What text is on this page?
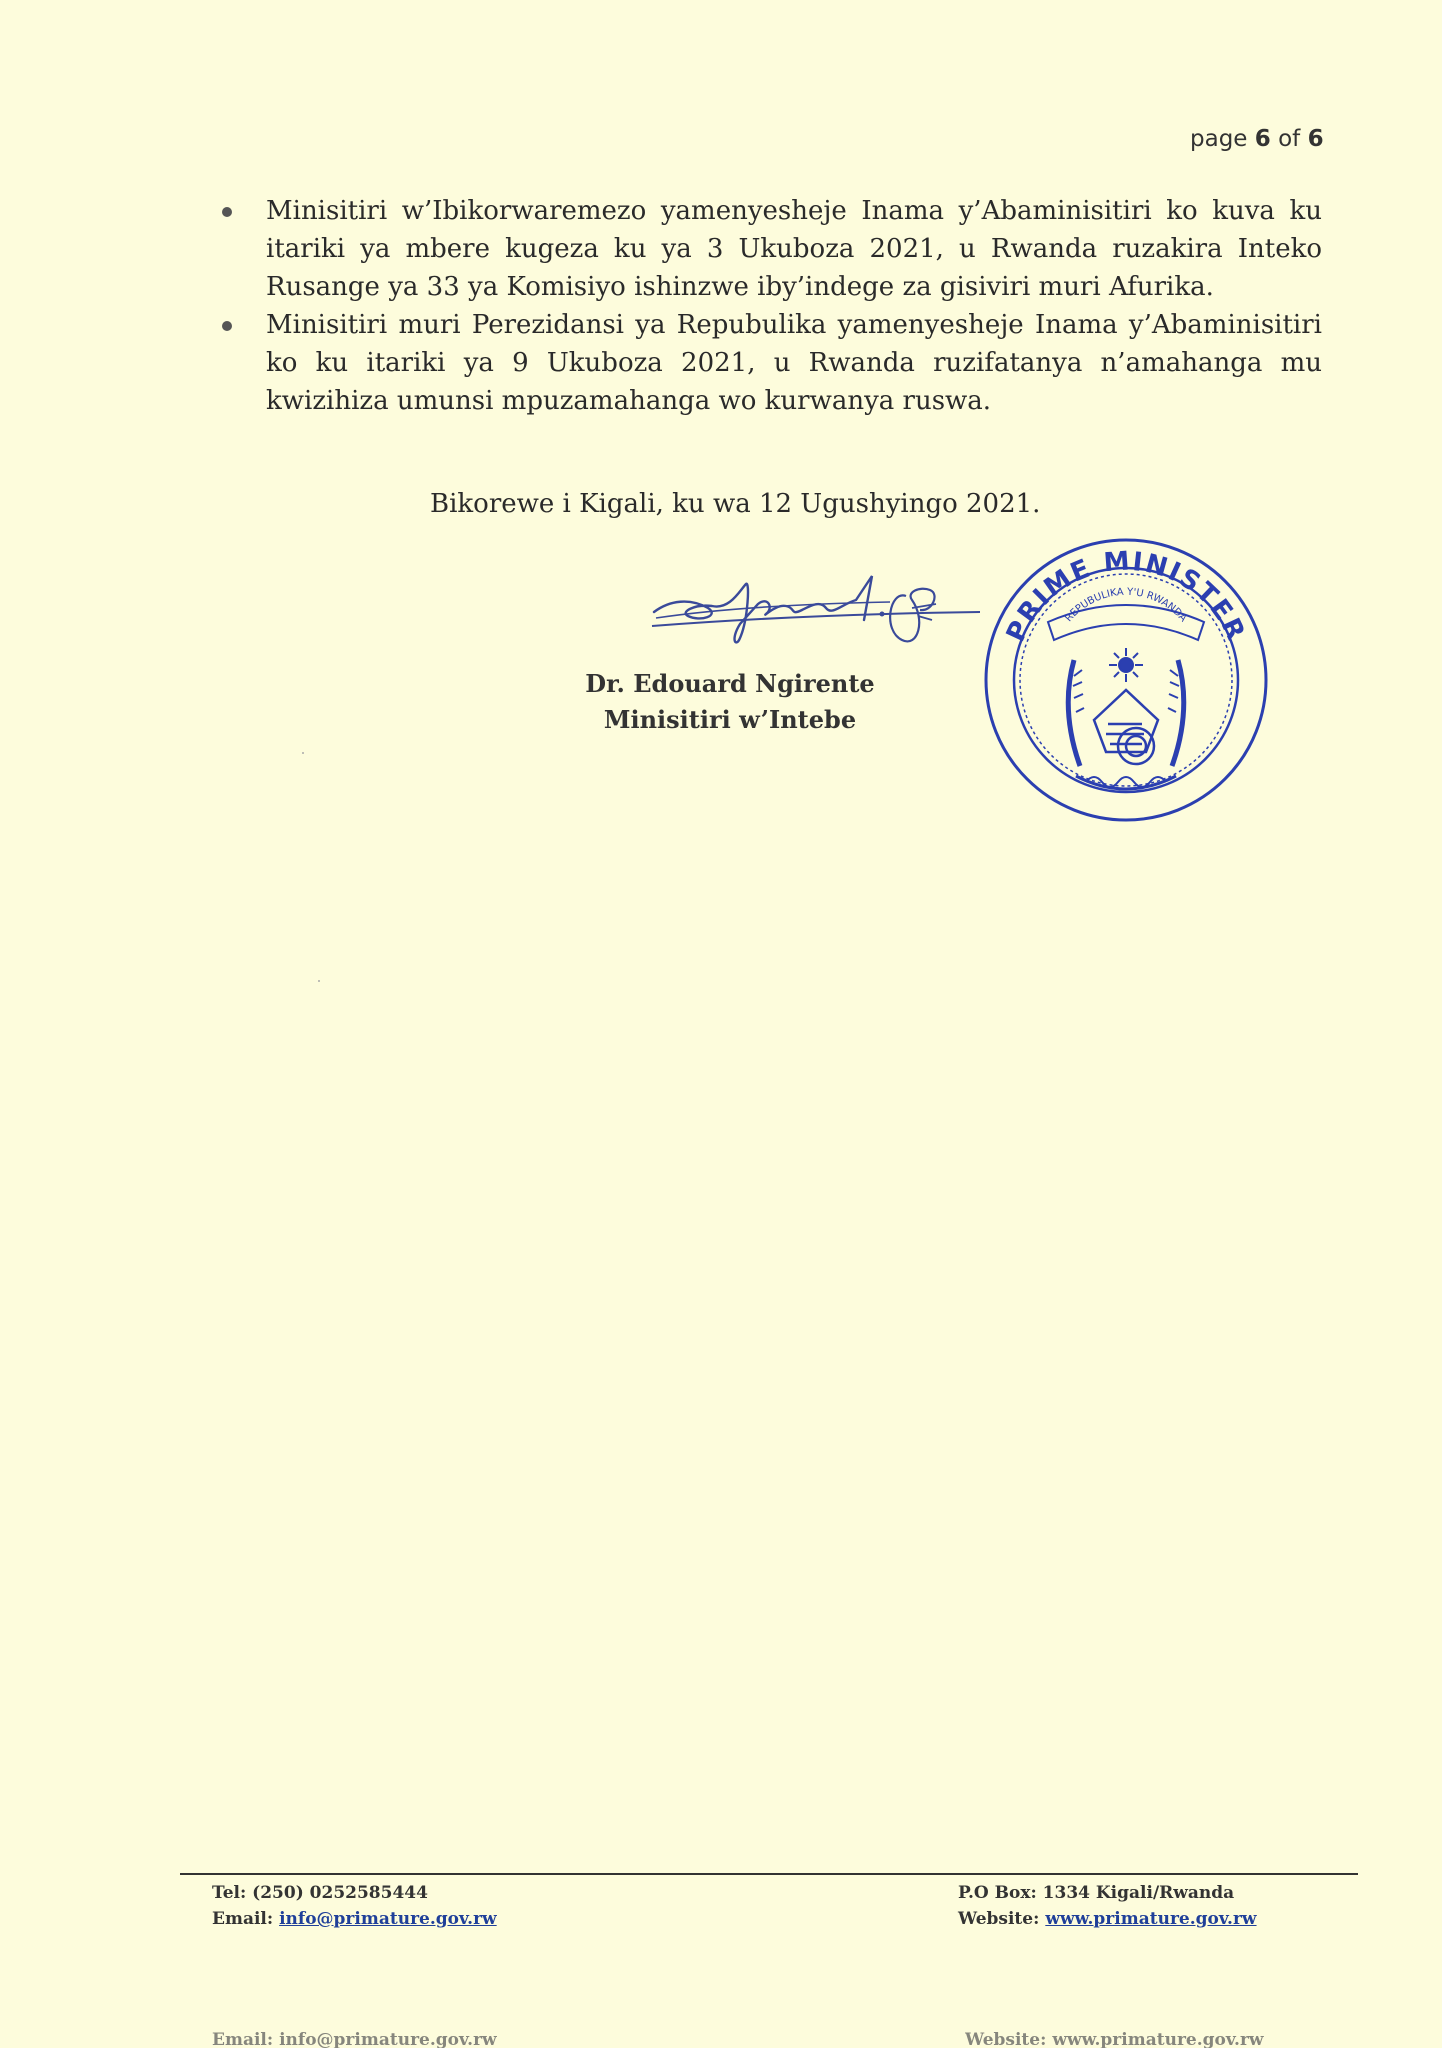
page 6 of 6
Minisitiri w’Ibikorwaremezo yamenyesheje Inama y’Abaminisitiri ko kuva ku itariki ya mbere kugeza ku ya 3 Ukuboza 2021, u Rwanda ruzakira Inteko Rusange ya 33 ya Komisiyo ishinzwe iby’indege za gisiviri muri Afurika.
Minisitiri muri Perezidansi ya Repubulika yamenyesheje Inama y’Abaminisitiri ko ku itariki ya 9 Ukuboza 2021, u Rwanda ruzifatanya n’amahanga mu kwizihiza umunsi mpuzamahanga wo kurwanya ruswa.
Bikorewe i Kigali, ku wa 12 Ugushyingo 2021.
Dr. Edouard Ngirente
Minisitiri w’Intebe
PRIME MINISTER
REPUBULIKA Y'U RWANDA
Tel: (250) 0252585444
Email: info@primature.gov.rw
P.O Box: 1334 Kigali/Rwanda
Website: www.primature.gov.rw
Email: info@primature.gov.rw	Website: www.primature.gov.rw
